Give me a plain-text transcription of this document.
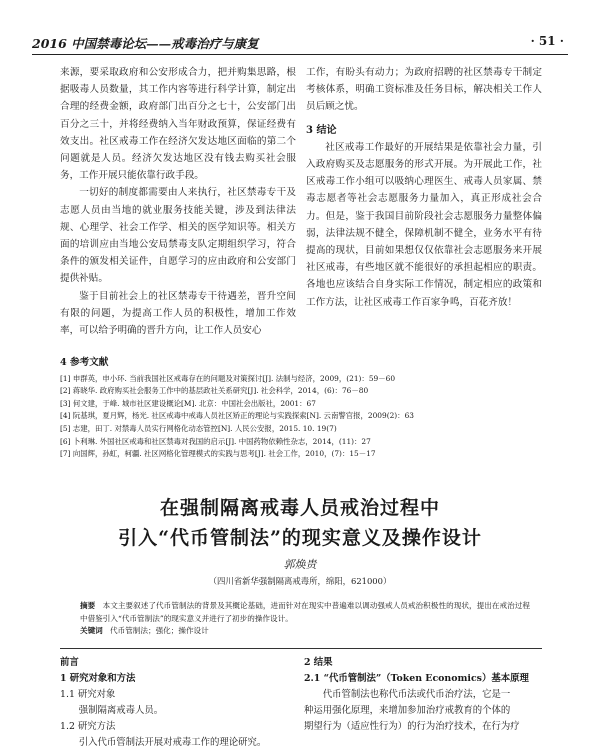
2016 中国禁毒论坛——戒毒治疗与康复	· 51 ·

来源，要采取政府和公安形成合力，把并购集思路，根据吸毒人员数量，其工作内容等进行科学计算，制定出合理的经费金额，政府部门出百分之七十，公安部门出百分之三十，并将经费纳入当年财政预算，保证经费有效支出。社区戒毒工作在经济欠发达地区面临的第二个问题就是人员。经济欠发达地区没有钱去购买社会服务，工作开展只能依靠行政手段。

一切好的制度都需要由人来执行，社区禁毒专干及志愿人员由当地的就业服务技能关键，涉及到法律法规、心理学、社会工作学、相关的医学知识等。相关方面的培训应由当地公安局禁毒支队定期组织学习，符合条件的颁发相关证件，自愿学习的应由政府和公安部门提供补贴。

鉴于目前社会上的社区禁毒专干待遇差，晋升空间有限的问题，为提高工作人员的积极性，增加工作效率，可以给予明确的晋升方向，让工作人员安心

工作，有盼头有动力；为政府招聘的社区禁毒专干制定考核体系，明确工资标准及任务目标，解决相关工作人员后顾之忧。

3 结论

社区戒毒工作最好的开展结果是依靠社会力量，引入政府购买及志愿服务的形式开展。为开展此工作，社区戒毒工作小组可以吸纳心理医生、戒毒人员家属、禁毒志愿者等社会志愿服务力量加入，真正形成社会合力。但是，鉴于我国目前阶段社会志愿服务力量整体偏弱，法律法规不健全，保障机制不健全，业务水平有待提高的现状，目前如果想仅仅依靠社会志愿服务来开展社区戒毒，有些地区就不能很好的承担起相应的职责。各地也应该结合自身实际工作情况，制定相应的政策和工作方法，让社区戒毒工作百家争鸣，百花齐放！

4 参考文献
[1] 申群英，申小环. 当前我国社区戒毒存在的问题及对策探讨[J]. 法制与经济，2009，(21)：59－60
[2] 蒋晓华. 政府购买社会服务工作中的基层政社关系研究[J]. 社会科学，2014，(6)：76－80
[3] 何文建，于峰. 城市社区建设概论[M]. 北京：中国社会出版社，2001：67
[4] 阮基琪，夏月辉，杨光. 社区戒毒中戒毒人员社区矫正的理论与实践探索[N]. 云南警官报，2009(2)：63
[5] 志建，田丁. 对禁毒人员实行网格化动态管控[N]. 人民公安报，2015. 10. 19(7)
[6] 卜利琳. 外国社区戒毒和社区禁毒对我国的启示[J]. 中国药物依赖性杂志，2014，(11)：27
[7] 向国辉，孙虹，柯疆. 社区网格化管理模式的实践与思考[J]. 社会工作，2010，(7)：15－17
在强制隔离戒毒人员戒治过程中
引入“代币管制法”的现实意义及操作设计
郭焕贵
（四川省新华强制隔离戒毒所，绵阳，621000）
摘要 本文主要叙述了代币管制法的背景及其概论基础，进而针对在现实中普遍难以调动强戒人员戒治积极性的现状，提出在戒治过程中借鉴引入“代币管制法”的现实意义并进行了初步的操作设计。
关键词 代币管制法；强化；操作设计

前言

1 研究对象和方法

1.1 研究对象

强制隔离戒毒人员。

1.2 研究方法

引入代币管制法开展对戒毒工作的理论研究。

2 结果

2.1 “代币管制法”（Token Economics）基本原理

代币管制法也称代币法或代币治疗法，它是一

种运用强化原理，来增加参加治疗戒教育的个体的

期望行为（适应性行为）的行为治疗技术，在行为疗
